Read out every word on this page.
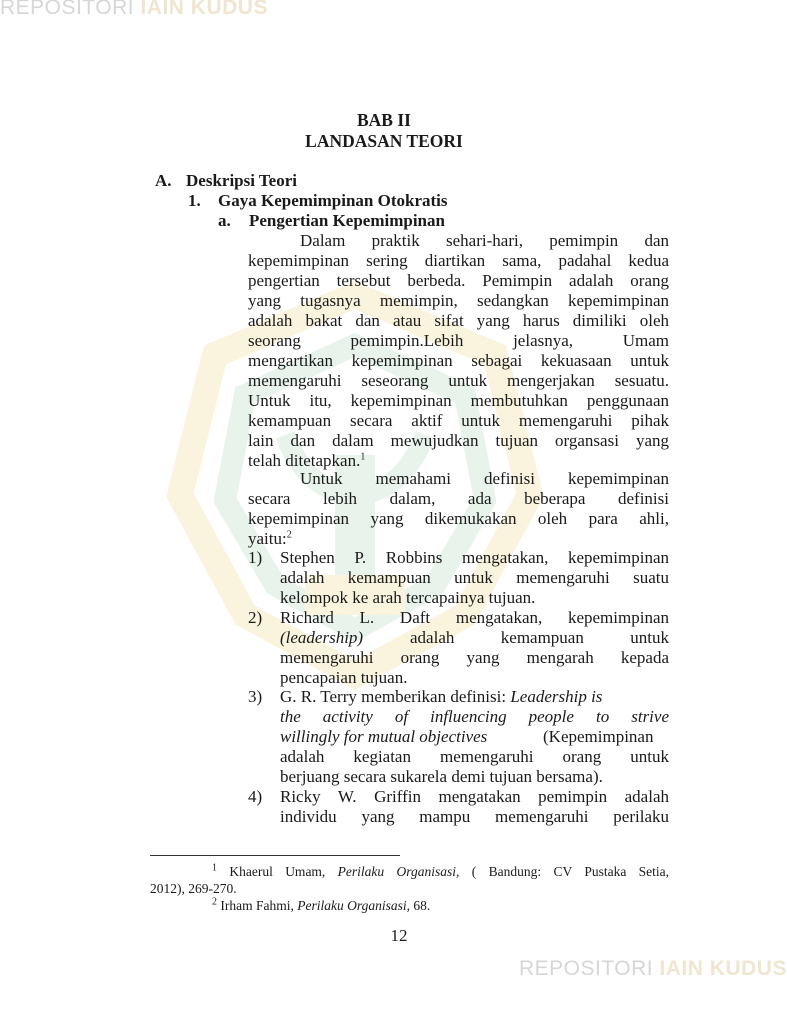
REPOSITORI IAIN KUDUS
BAB II
LANDASAN TEORI
A. Deskripsi Teori
1. Gaya Kepemimpinan Otokratis
a. Pengertian Kepemimpinan
Dalam praktik sehari-hari, pemimpin dan
kepemimpinan sering diartikan sama, padahal kedua
pengertian tersebut berbeda. Pemimpin adalah orang
yang tugasnya memimpin, sedangkan kepemimpinan
adalah bakat dan atau sifat yang harus dimiliki oleh
seorang pemimpin.Lebih jelasnya, Umam
mengartikan kepemimpinan sebagai kekuasaan untuk
memengaruhi seseorang untuk mengerjakan sesuatu.
Untuk itu, kepemimpinan membutuhkan penggunaan
kemampuan secara aktif untuk memengaruhi pihak
lain dan dalam mewujudkan tujuan organsasi yang
telah ditetapkan.$^1$
Untuk memahami definisi kepemimpinan
secara lebih dalam, ada beberapa definisi
kepemimpinan yang dikemukakan oleh para ahli,
yaitu:$^2$
1) Stephen P. Robbins mengatakan, kepemimpinan
adalah kemampuan untuk memengaruhi suatu
kelompok ke arah tercapainya tujuan.
2) Richard L. Daft mengatakan, kepemimpinan
(leadership)	adalah kemampuan untuk
memengaruhi orang yang mengarah kepada
pencapaian tujuan.
3) G. R. Terry memberikan definisi: Leadership is
the activity of influencing people to strive
willingly for mutual objectives	(Kepemimpinan
adalah kegiatan memengaruhi orang untuk
berjuang secara sukarela demi tujuan bersama).
4) Ricky W. Griffin mengatakan pemimpin adalah
individu yang mampu memengaruhi perilaku
$^1$ Khaerul Umam, Perilaku Organisasi, ( Bandung: CV Pustaka Setia,
2012), 269-270.
$^2$ Irham Fahmi, Perilaku Organisasi, 68.
12
REPOSITORI IAIN KUDUS
